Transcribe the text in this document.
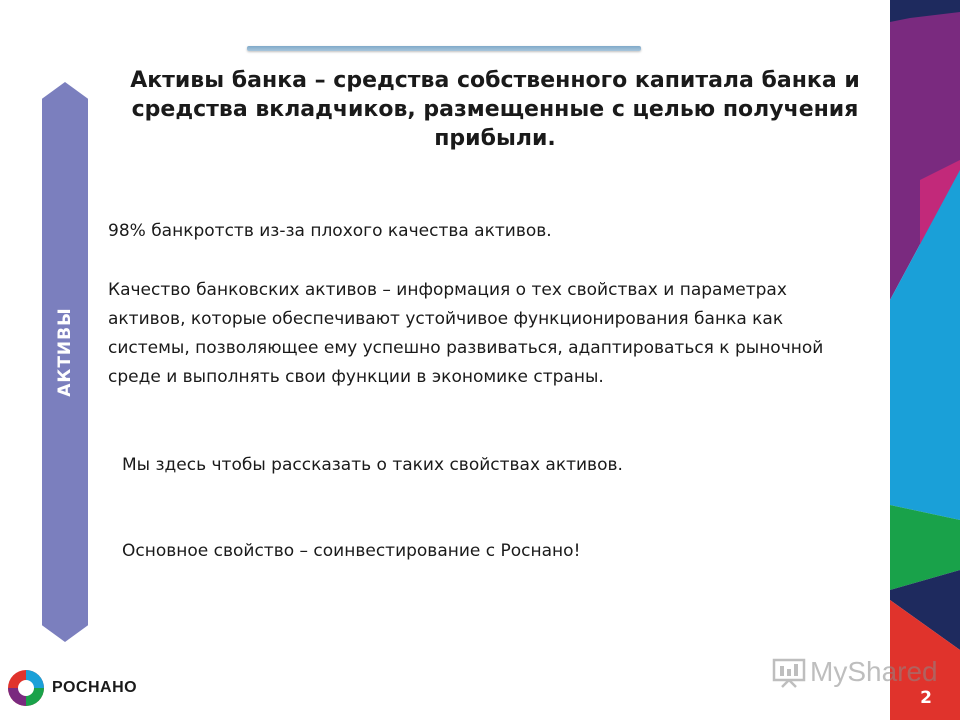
Активы банка – средства собственного капитала банка и средства вкладчиков, размещенные с целью получения прибыли.
АКТИВЫ
98% банкротств из-за плохого качества активов.
Качество банковских активов – информация о тех свойствах и параметрах активов, которые обеспечивают устойчивое функционирования банка как системы, позволяющее ему успешно развиваться, адаптироваться к рыночной среде и выполнять свои функции в экономике страны.
Мы здесь чтобы рассказать о таких свойствах активов.
Основное свойство – соинвестирование с Роснано!
РОСНАНО
MyShared
2
